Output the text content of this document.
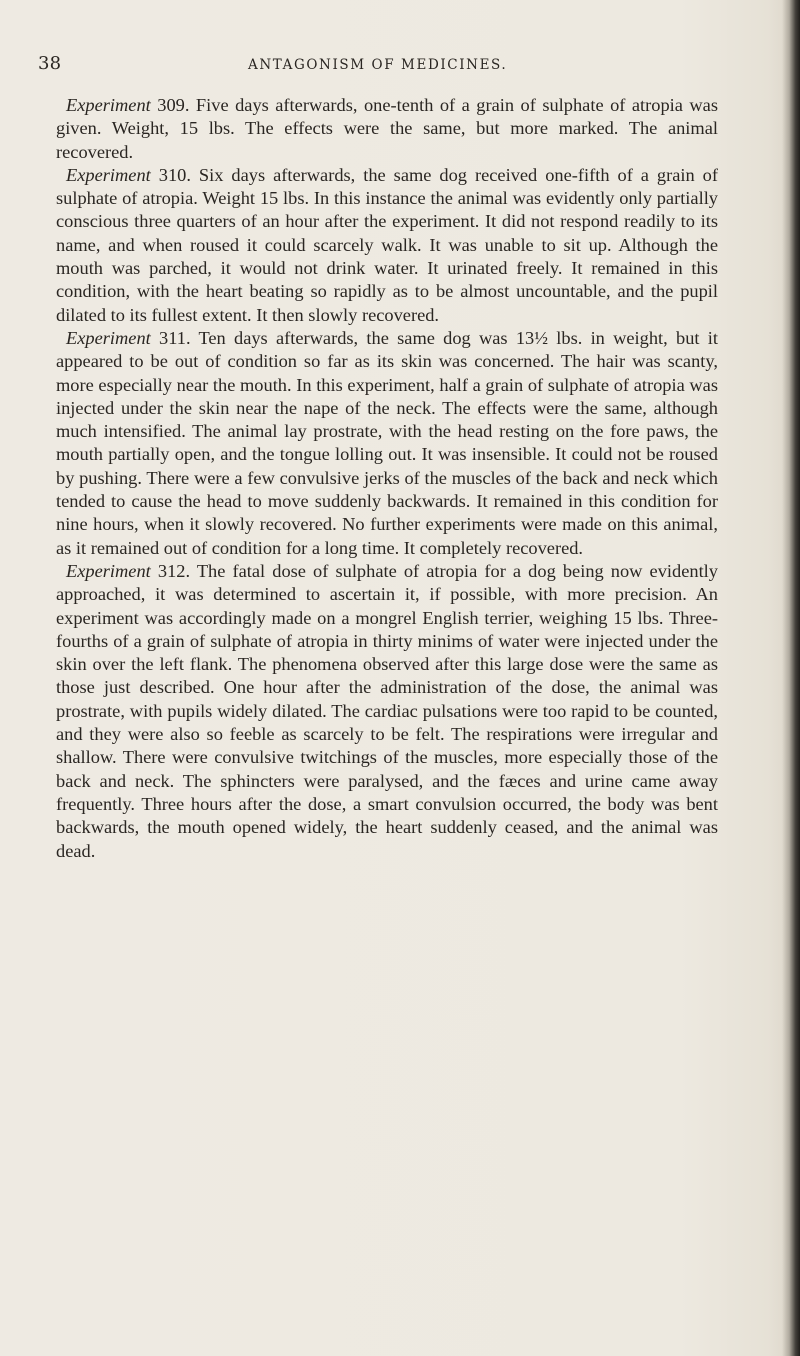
38	ANTAGONISM OF MEDICINES.

Experiment 309. Five days afterwards, one-tenth of a grain of sulphate of atropia was given. Weight, 15 lbs. The effects were the same, but more marked. The animal recovered.

Experiment 310. Six days afterwards, the same dog received one-fifth of a grain of sulphate of atropia. Weight 15 lbs. In this instance the animal was evidently only partially conscious three quarters of an hour after the experiment. It did not respond readily to its name, and when roused it could scarcely walk. It was unable to sit up. Although the mouth was parched, it would not drink water. It urinated freely. It remained in this condition, with the heart beating so rapidly as to be almost uncountable, and the pupil dilated to its fullest extent. It then slowly recovered.

Experiment 311. Ten days afterwards, the same dog was 13½ lbs. in weight, but it appeared to be out of condition so far as its skin was concerned. The hair was scanty, more especially near the mouth. In this experiment, half a grain of sulphate of atropia was injected under the skin near the nape of the neck. The effects were the same, although much intensified. The animal lay prostrate, with the head resting on the fore paws, the mouth partially open, and the tongue lolling out. It was insensible. It could not be roused by pushing. There were a few convulsive jerks of the muscles of the back and neck which tended to cause the head to move suddenly backwards. It remained in this condition for nine hours, when it slowly recovered. No further experiments were made on this animal, as it remained out of condition for a long time. It completely recovered.

Experiment 312. The fatal dose of sulphate of atropia for a dog being now evidently approached, it was determined to ascertain it, if possible, with more precision. An experiment was accordingly made on a mongrel English terrier, weighing 15 lbs. Three-fourths of a grain of sulphate of atropia in thirty minims of water were injected under the skin over the left flank. The phenomena observed after this large dose were the same as those just described. One hour after the administration of the dose, the animal was prostrate, with pupils widely dilated. The cardiac pulsations were too rapid to be counted, and they were also so feeble as scarcely to be felt. The respirations were irregular and shallow. There were convulsive twitchings of the muscles, more especially those of the back and neck. The sphincters were paralysed, and the fæces and urine came away frequently. Three hours after the dose, a smart convulsion occurred, the body was bent backwards, the mouth opened widely, the heart suddenly ceased, and the animal was dead.
